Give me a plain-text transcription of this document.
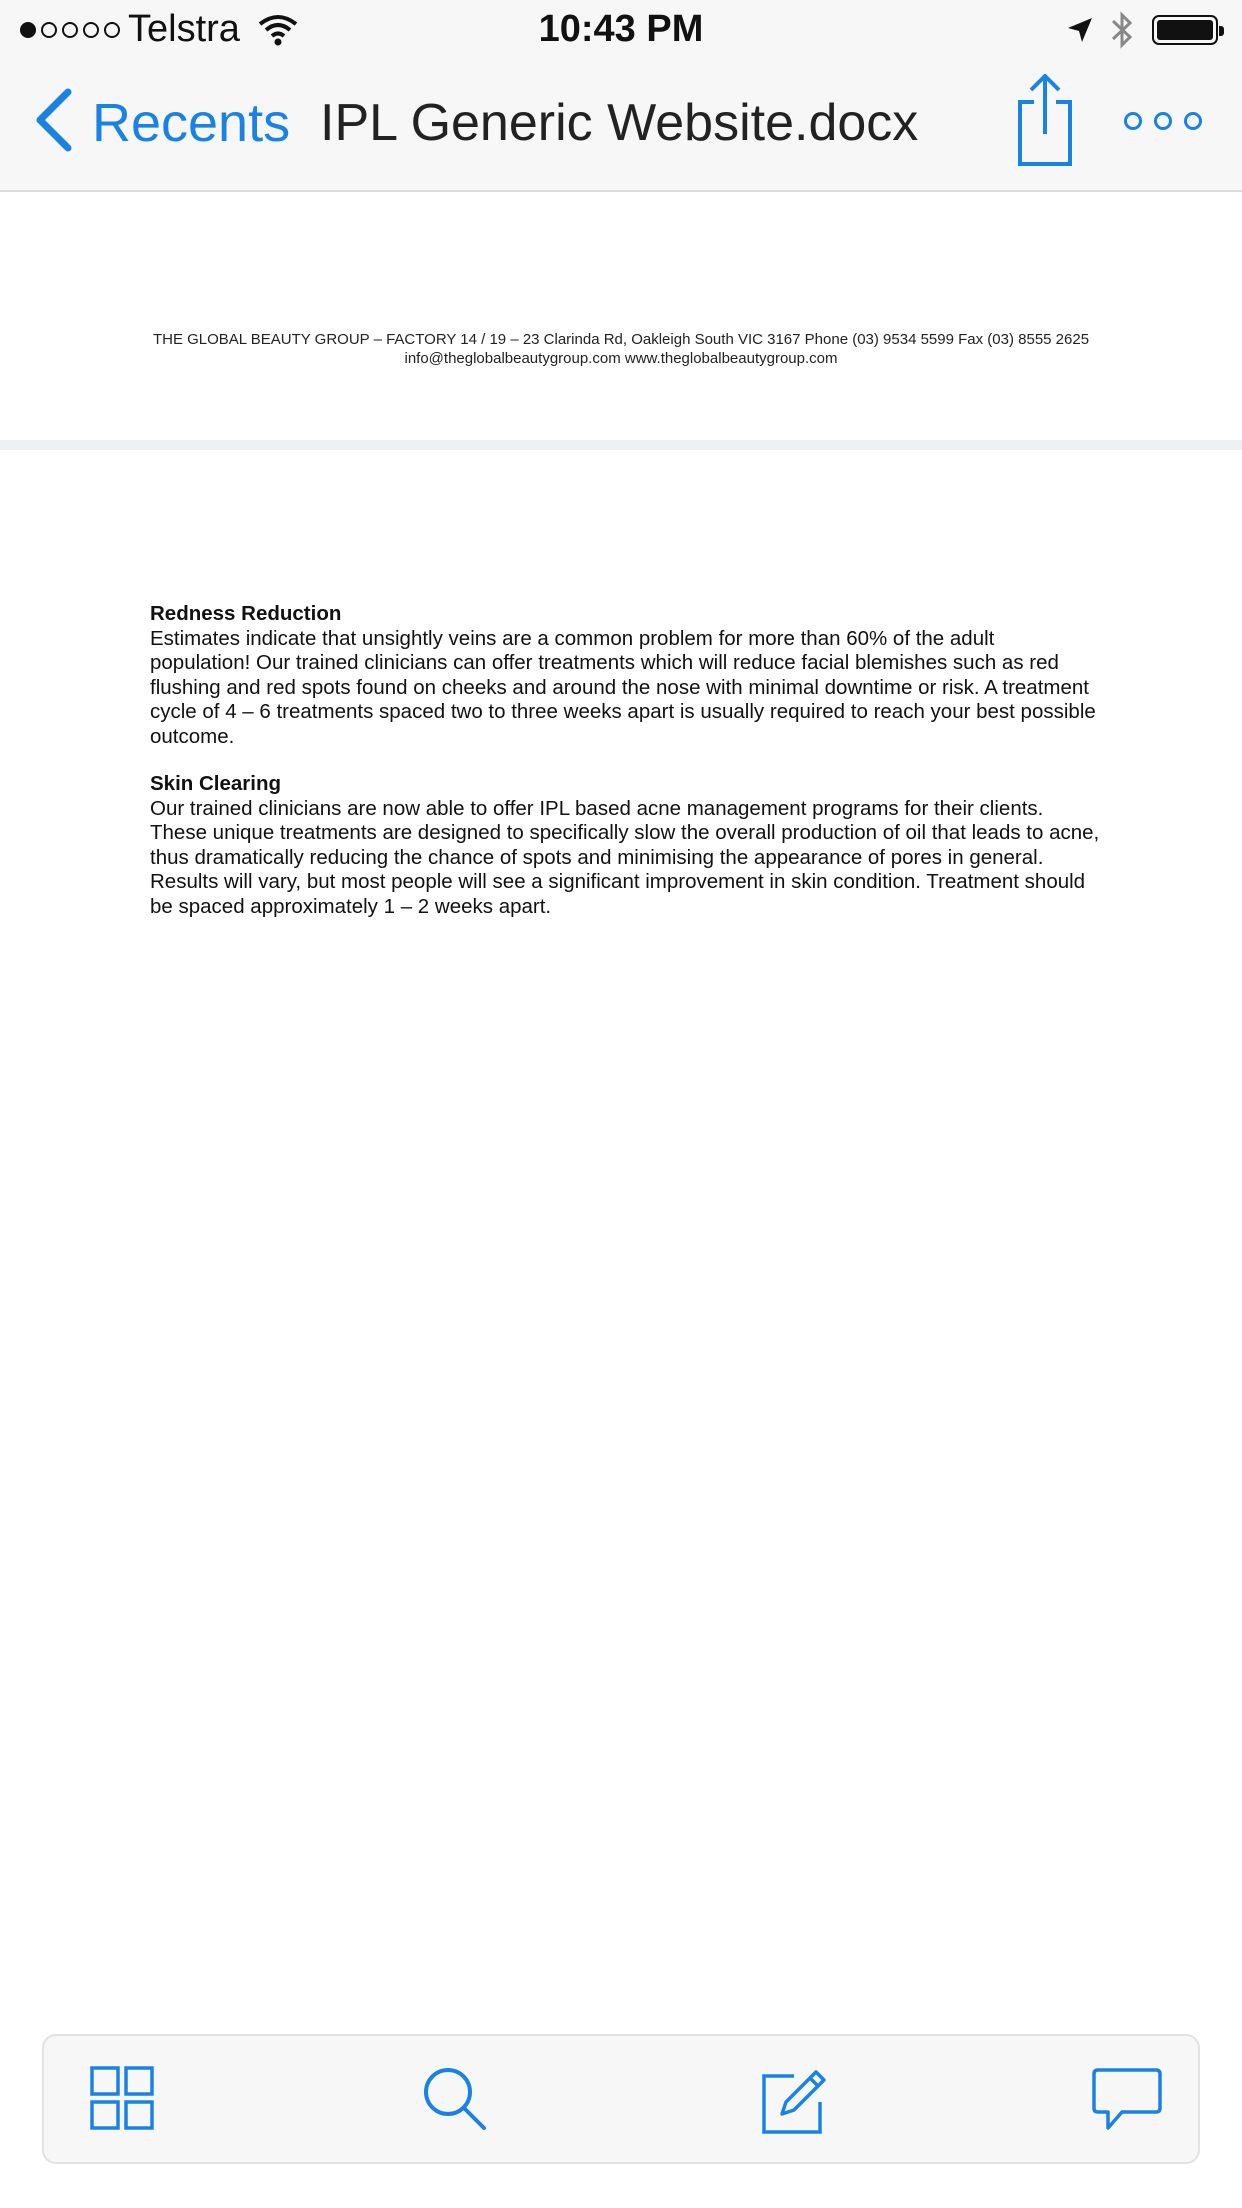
Telstra	10:43 PM
Recents IPL Generic Website.docx
THE GLOBAL BEAUTY GROUP – FACTORY 14 / 19 – 23 Clarinda Rd, Oakleigh South VIC 3167 Phone (03) 9534 5599 Fax (03) 8555 2625
info@theglobalbeautygroup.com www.theglobalbeautygroup.com
Redness Reduction

Estimates indicate that unsightly veins are a common problem for more than 60% of the adult population! Our trained clinicians can offer treatments which will reduce facial blemishes such as red flushing and red spots found on cheeks and around the nose with minimal downtime or risk. A treatment cycle of 4 – 6 treatments spaced two to three weeks apart is usually required to reach your best possible outcome.

Skin Clearing

Our trained clinicians are now able to offer IPL based acne management programs for their clients. These unique treatments are designed to specifically slow the overall production of oil that leads to acne, thus dramatically reducing the chance of spots and minimising the appearance of pores in general. Results will vary, but most people will see a significant improvement in skin condition. Treatment should be spaced approximately 1 – 2 weeks apart.
